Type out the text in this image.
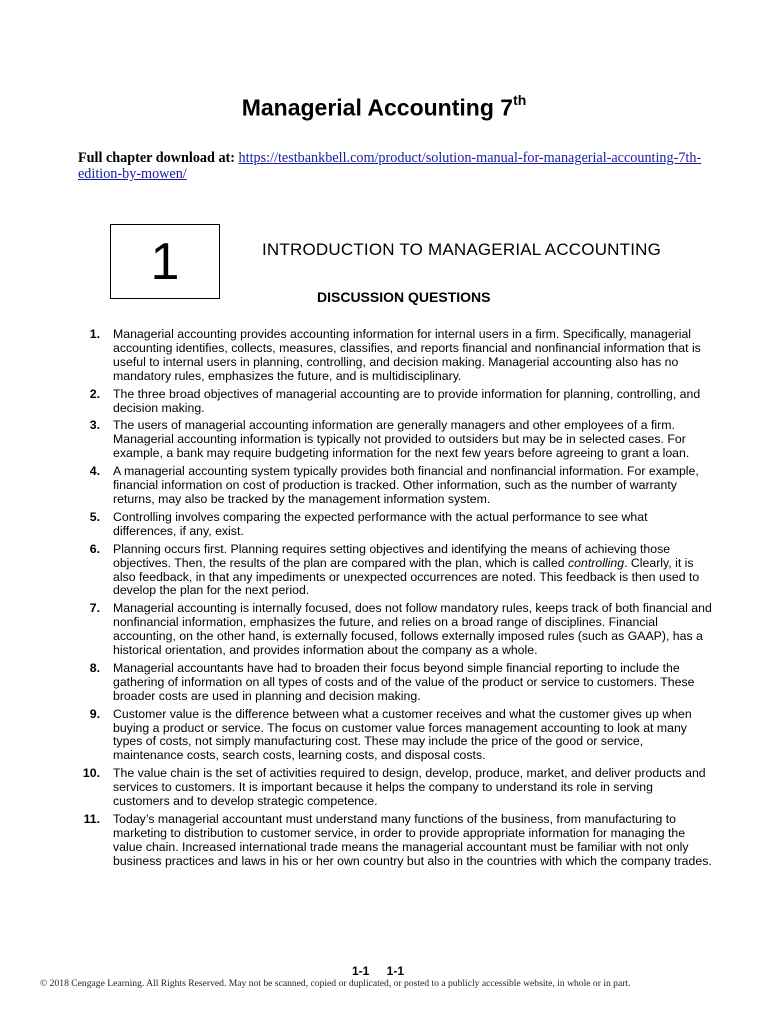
Managerial Accounting 7th
Full chapter download at: https://testbankbell.com/product/solution-manual-for-managerial-accounting-7th-edition-by-mowen/
1	INTRODUCTION TO MANAGERIAL ACCOUNTING
DISCUSSION QUESTIONS
1. Managerial accounting provides accounting information for internal users in a firm. Specifically, managerial accounting identifies, collects, measures, classifies, and reports financial and nonfinancial information that is useful to internal users in planning, controlling, and decision making. Managerial accounting also has no mandatory rules, emphasizes the future, and is multidisciplinary.
2. The three broad objectives of managerial accounting are to provide information for planning, controlling, and decision making.
3. The users of managerial accounting information are generally managers and other employees of a firm. Managerial accounting information is typically not provided to outsiders but may be in selected cases. For example, a bank may require budgeting information for the next few years before agreeing to grant a loan.
4. A managerial accounting system typically provides both financial and nonfinancial information. For example, financial information on cost of production is tracked. Other information, such as the number of warranty returns, may also be tracked by the management information system.
5. Controlling involves comparing the expected performance with the actual performance to see what differences, if any, exist.
6. Planning occurs first. Planning requires setting objectives and identifying the means of achieving those objectives. Then, the results of the plan are compared with the plan, which is called controlling. Clearly, it is also feedback, in that any impediments or unexpected occurrences are noted. This feedback is then used to develop the plan for the next period.
7. Managerial accounting is internally focused, does not follow mandatory rules, keeps track of both financial and nonfinancial information, emphasizes the future, and relies on a broad range of disciplines. Financial accounting, on the other hand, is externally focused, follows externally imposed rules (such as GAAP), has a historical orientation, and provides information about the company as a whole.
8. Managerial accountants have had to broaden their focus beyond simple financial reporting to include the gathering of information on all types of costs and of the value of the product or service to customers. These broader costs are used in planning and decision making.
9. Customer value is the difference between what a customer receives and what the customer gives up when buying a product or service. The focus on customer value forces management accounting to look at many types of costs, not simply manufacturing cost. These may include the price of the good or service, maintenance costs, search costs, learning costs, and disposal costs.
10. The value chain is the set of activities required to design, develop, produce, market, and deliver products and services to customers. It is important because it helps the company to understand its role in serving customers and to develop strategic competence.
11. Today’s managerial accountant must understand many functions of the business, from manufacturing to marketing to distribution to customer service, in order to provide appropriate information for managing the value chain. Increased international trade means the managerial accountant must be familiar with not only business practices and laws in his or her own country but also in the countries with which the company trades.
1-1 1-1
© 2018 Cengage Learning. All Rights Reserved. May not be scanned, copied or duplicated, or posted to a publicly accessible website, in whole or in part.
